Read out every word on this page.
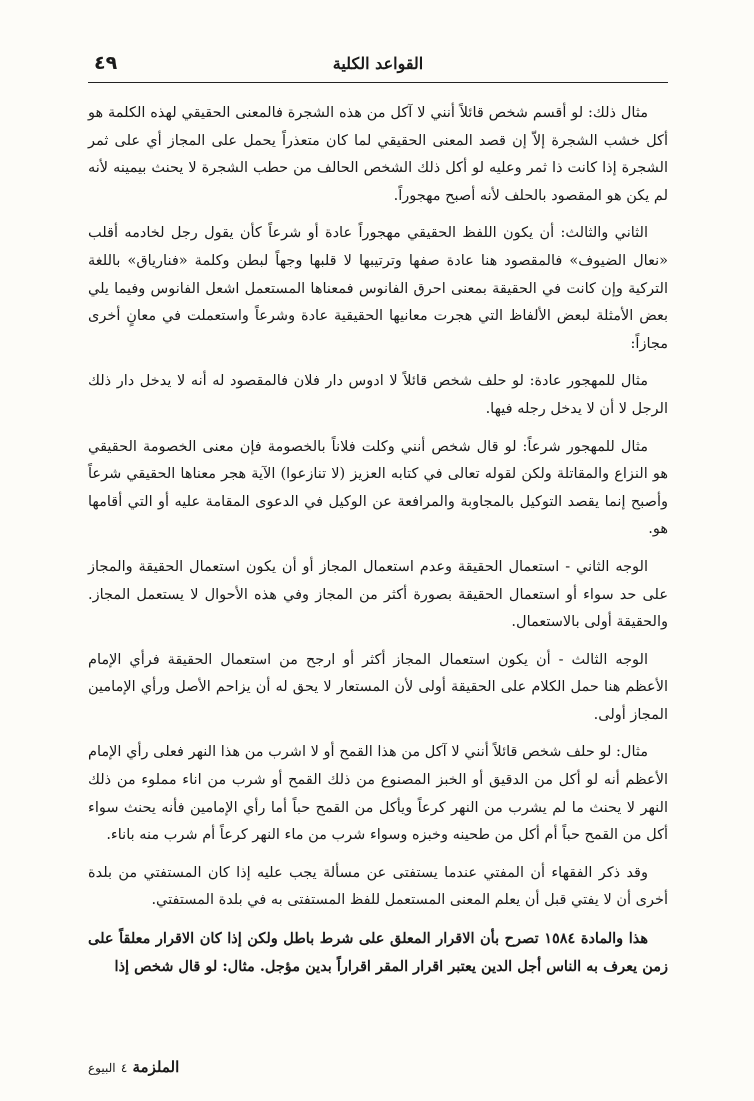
٤٩	القواعد الكلية

مثال ذلك: لو أقسم شخص قائلاً أنني لا آكل من هذه الشجرة فالمعنى الحقيقي لهذه الكلمة هو أكل خشب الشجرة إلاّ إن قصد المعنى الحقيقي لما كان متعذراً يحمل على المجاز أي على ثمر الشجرة إذا كانت ذا ثمر وعليه لو أكل ذلك الشخص الحالف من حطب الشجرة لا يحنث بيمينه لأنه لم يكن هو المقصود بالحلف لأنه أصبح مهجوراً.

الثاني والثالث: أن يكون اللفظ الحقيقي مهجوراً عادة أو شرعاً كأن يقول رجل لخادمه أقلب «نعال الضيوف» فالمقصود هنا عادة صفها وترتيبها لا قلبها وجهاً لبطن وكلمة «فناریاق» باللغة التركية وإن كانت في الحقيقة بمعنى احرق الفانوس فمعناها المستعمل اشعل الفانوس وفيما يلي بعض الأمثلة لبعض الألفاظ التي هجرت معانيها الحقيقية عادة وشرعاً واستعملت في معانٍ أخرى مجازاً:

مثال للمهجور عادة: لو حلف شخص قائلاً لا ادوس دار فلان فالمقصود له أنه لا يدخل دار ذلك الرجل لا أن لا يدخل رجله فيها.

مثال للمهجور شرعاً: لو قال شخص أنني وكلت فلاناً بالخصومة فإن معنى الخصومة الحقيقي هو النزاع والمقاتلة ولكن لقوله تعالى في كتابه العزيز (لا تنازعوا) الآية هجر معناها الحقيقي شرعاً وأصبح إنما يقصد التوكيل بالمجاوبة والمرافعة عن الوكيل في الدعوى المقامة عليه أو التي أقامها هو.

الوجه الثاني - استعمال الحقيقة وعدم استعمال المجاز أو أن يكون استعمال الحقيقة والمجاز على حد سواء أو استعمال الحقيقة بصورة أكثر من المجاز وفي هذه الأحوال لا يستعمل المجاز. والحقيقة أولى بالاستعمال.

الوجه الثالث - أن يكون استعمال المجاز أكثر أو ارجح من استعمال الحقيقة فرأي الإمام الأعظم هنا حمل الكلام على الحقيقة أولى لأن المستعار لا يحق له أن يزاحم الأصل ورأي الإمامين المجاز أولى.

مثال: لو حلف شخص قائلاً أنني لا آكل من هذا القمح أو لا اشرب من هذا النهر فعلى رأي الإمام الأعظم أنه لو أكل من الدقيق أو الخبز المصنوع من ذلك القمح أو شرب من اناء مملوء من ذلك النهر لا يحنث ما لم يشرب من النهر كرعاً ويأكل من القمح حباً أما رأي الإمامين فأنه يحنث سواء أكل من القمح حباً أم أكل من طحينه وخبزه وسواء شرب من ماء النهر كرعاً أم شرب منه باناء.

وقد ذكر الفقهاء أن المفتي عندما يستفتى عن مسألة يجب عليه إذا كان المستفتي من بلدة أخرى أن لا يفتي قبل أن يعلم المعنى المستعمل للفظ المستفتى به في بلدة المستفتي.

هذا والمادة ١٥٨٤ تصرح بأن الاقرار المعلق على شرط باطل ولكن إذا كان الاقرار معلقاً على زمن يعرف به الناس أجل الدين يعتبر اقرار المقر اقراراً بدين مؤجل. مثال: لو قال شخص إذا

الملزمة ٤ البيوع
